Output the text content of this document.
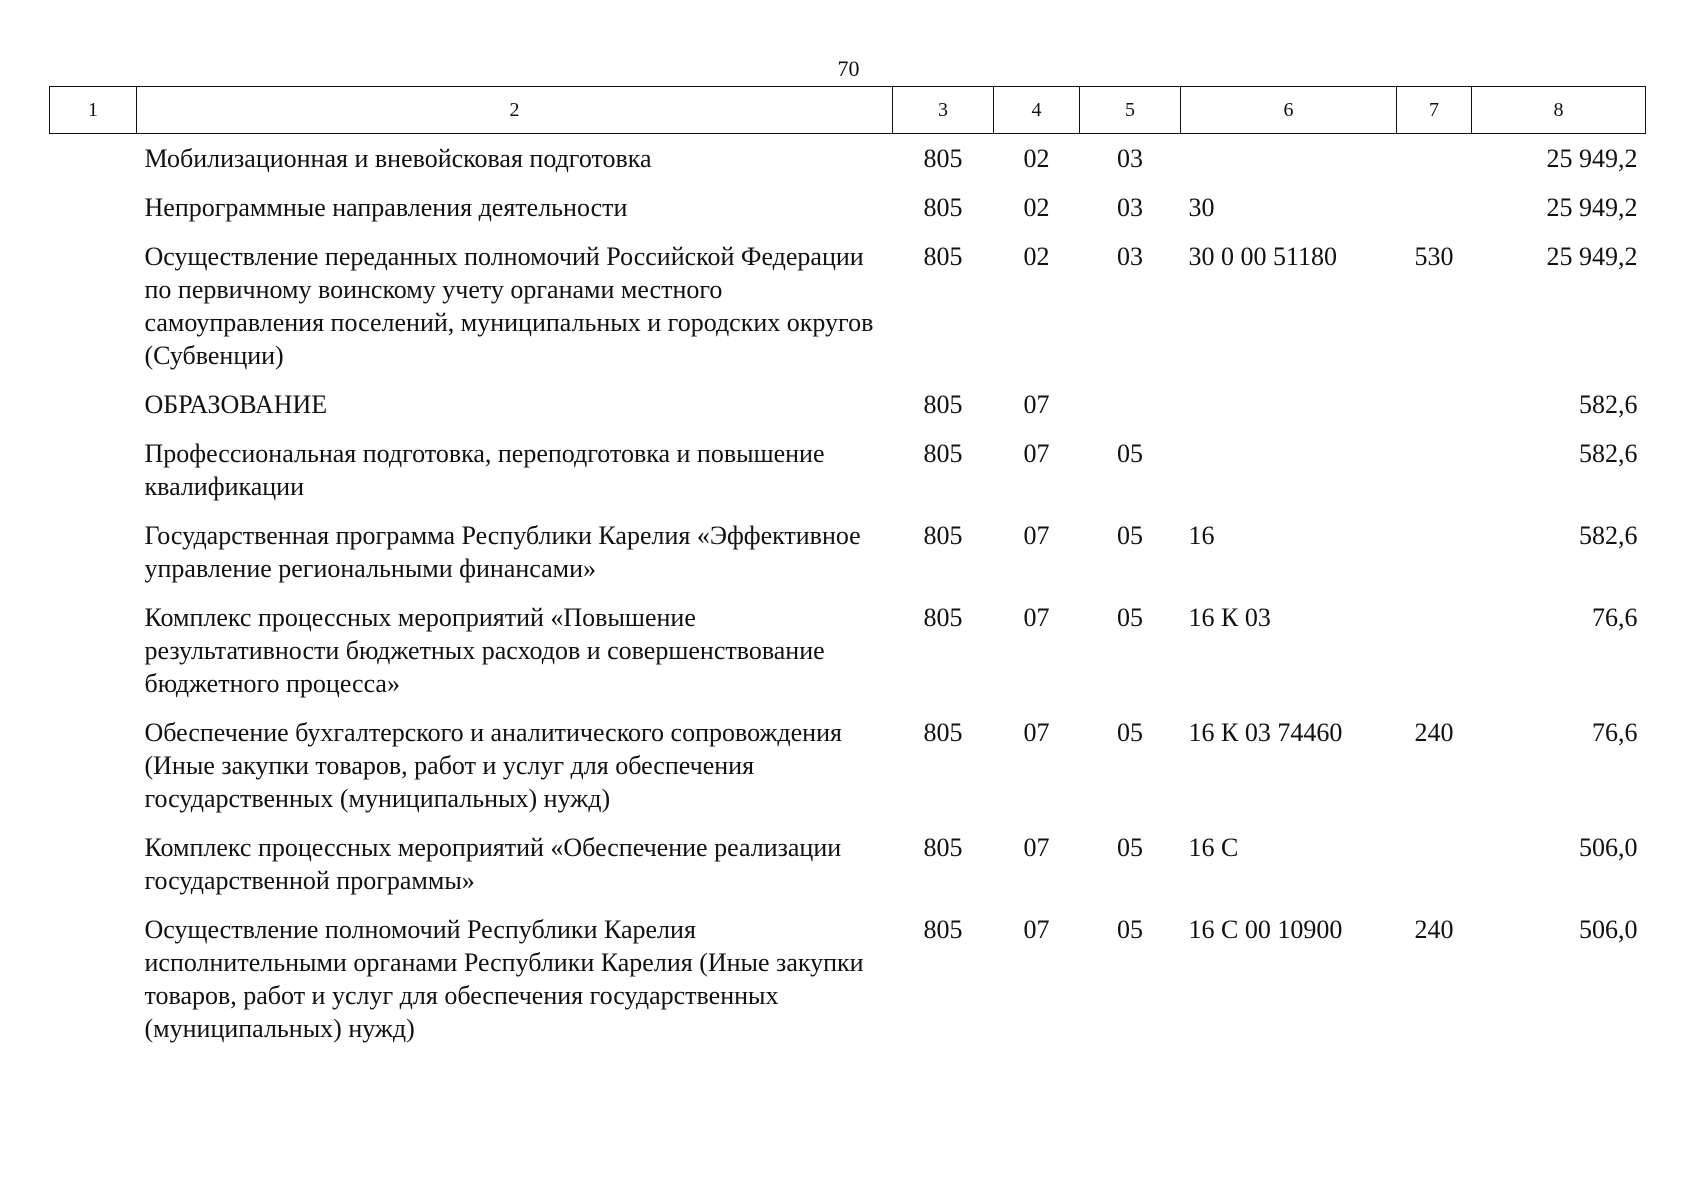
70
1	2	3	4	5	6	7	8
	Мобилизационная и вневойсковая подготовка	805	02	03			25 949,2
	Непрограммные направления деятельности	805	02	03	30		25 949,2
	Осуществление переданных полномочий Российской Федерации по первичному воинскому учету органами местного самоуправления поселений, муниципальных и городских округов (Субвенции)	805	02	03	30 0 00 51180	530	25 949,2
	ОБРАЗОВАНИЕ	805	07				582,6
	Профессиональная подготовка, переподготовка и повышение квалификации	805	07	05			582,6
	Государственная программа Республики Карелия «Эффективное управление региональными финансами»	805	07	05	16		582,6
	Комплекс процессных мероприятий «Повышение результативности бюджетных расходов и совершенствование бюджетного процесса»	805	07	05	16 К 03		76,6
	Обеспечение бухгалтерского и аналитического сопровождения (Иные закупки товаров, работ и услуг для обеспечения государственных (муниципальных) нужд)	805	07	05	16 К 03 74460	240	76,6
	Комплекс процессных мероприятий «Обеспечение реализации государственной программы»	805	07	05	16 С		506,0
	Осуществление полномочий Республики Карелия исполнительными органами Республики Карелия (Иные закупки товаров, работ и услуг для обеспечения государственных (муниципальных) нужд)	805	07	05	16 С 00 10900	240	506,0
